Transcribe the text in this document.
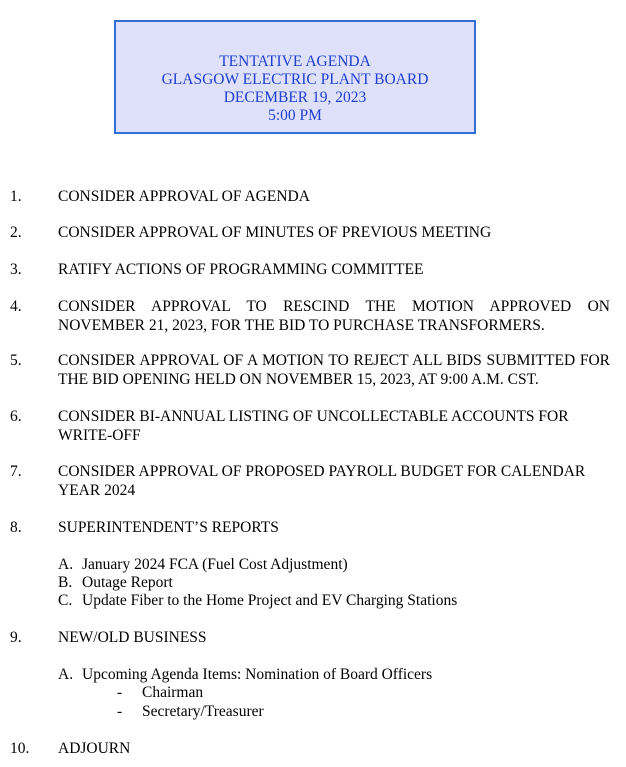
TENTATIVE AGENDA
GLASGOW ELECTRIC PLANT BOARD
DECEMBER 19, 2023
5:00 PM
1. CONSIDER APPROVAL OF AGENDA
2. CONSIDER APPROVAL OF MINUTES OF PREVIOUS MEETING
3. RATIFY ACTIONS OF PROGRAMMING COMMITTEE
4. CONSIDER APPROVAL TO RESCIND THE MOTION APPROVED ON NOVEMBER 21, 2023, FOR THE BID TO PURCHASE TRANSFORMERS.
5. CONSIDER APPROVAL OF A MOTION TO REJECT ALL BIDS SUBMITTED FOR THE BID OPENING HELD ON NOVEMBER 15, 2023, AT 9:00 A.M. CST.
6. CONSIDER BI-ANNUAL LISTING OF UNCOLLECTABLE ACCOUNTS FOR WRITE-OFF
7. CONSIDER APPROVAL OF PROPOSED PAYROLL BUDGET FOR CALENDAR YEAR 2024
8. SUPERINTENDENT’S REPORTS
A. January 2024 FCA (Fuel Cost Adjustment)
B. Outage Report
C. Update Fiber to the Home Project and EV Charging Stations
9. NEW/OLD BUSINESS
A. Upcoming Agenda Items: Nomination of Board Officers
- Chairman
- Secretary/Treasurer
10. ADJOURN
